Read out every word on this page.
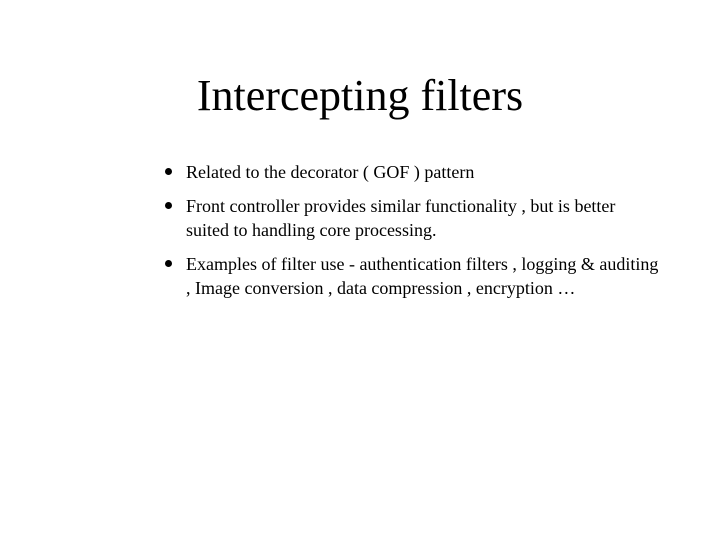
Intercepting filters
Related to the decorator ( GOF ) pattern
Front controller provides similar functionality , but is better suited to handling core processing.
Examples of filter use - authentication filters , logging & auditing , Image conversion , data compression , encryption …
